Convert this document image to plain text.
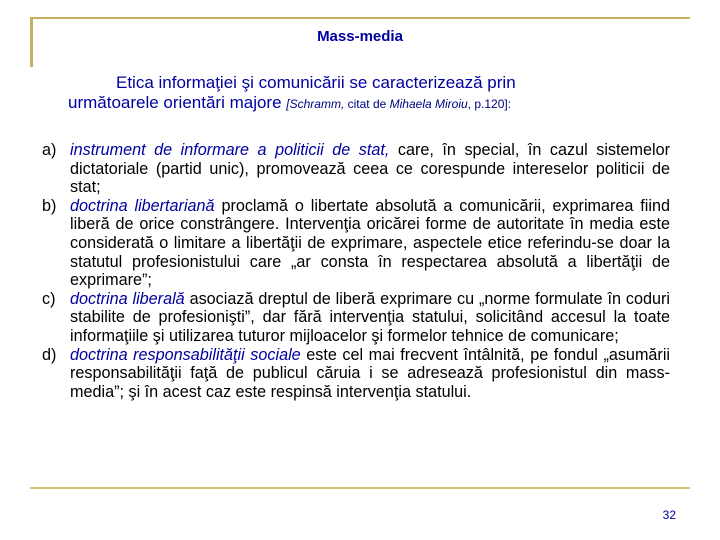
Mass-media
Etica informaţiei şi comunicării se caracterizează prin
următoarele orientări majore [Schramm, citat de Mihaela Miroiu, p.120]:
a) instrument de informare a politicii de stat, care, în special, în cazul sistemelor dictatoriale (partid unic), promovează ceea ce corespunde intereselor politicii de stat;
b) doctrina libertariană proclamă o libertate absolută a comunicării, exprimarea fiind liberă de orice constrângere. Intervenţia oricărei forme de autoritate în media este considerată o limitare a libertăţii de exprimare, aspectele etice referindu-se doar la statutul profesionistului care „ar consta în respectarea absolută a libertăţii de exprimare”;
c) doctrina liberală asociază dreptul de liberă exprimare cu „norme formulate în coduri stabilite de profesionişti”, dar fără intervenţia statului, solicitând accesul la toate informaţiile şi utilizarea tuturor mijloacelor şi formelor tehnice de comunicare;
d) doctrina responsabilităţii sociale este cel mai frecvent întâlnită, pe fondul „asumării responsabilităţii faţă de publicul căruia i se adresează profesionistul din mass-media”; şi în acest caz este respinsă intervenţia statului.
32
